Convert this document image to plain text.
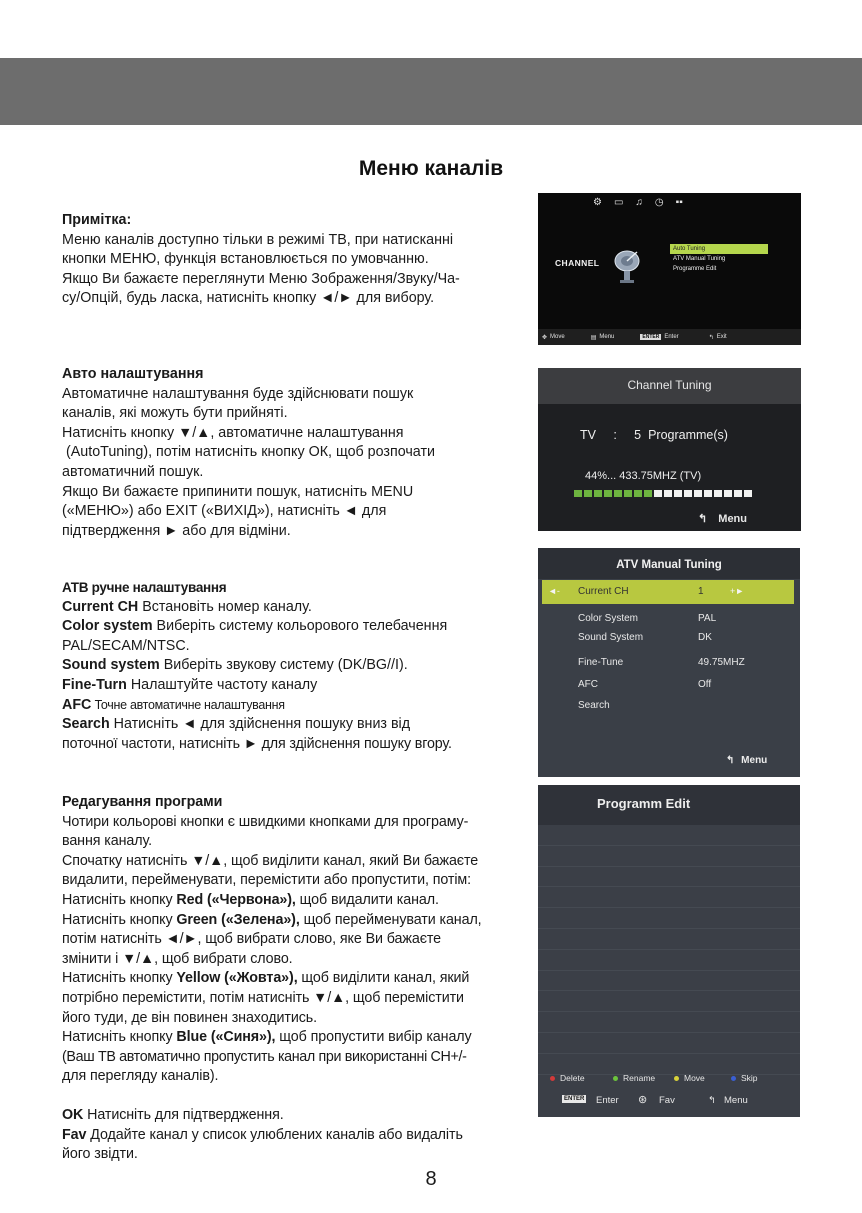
Меню каналів

Примітка:

Меню каналів доступно тільки в режимі ТВ, при натисканні

кнопки МЕНЮ, функція встановлюється по умовчанню.

Якщо Ви бажаєте переглянути Меню Зображення/Звуку/Ча-

су/Опцій, будь ласка, натисніть кнопку ◄/► для вибору.

Авто налаштування

Автоматичне налаштування буде здійснювати пошук

каналів, які можуть бути прийняті.

Натисніть кнопку ▼/▲, автоматичне налаштування

(AutoTuning), потім натисніть кнопку ОК, щоб розпочати

автоматичний пошук.

Якщо Ви бажаєте припинити пошук, натисніть MENU

(«МЕНЮ») або EXIT («ВИХІД»), натисніть ◄ для

підтвердження ► або для відміни.

АТВ ручне налаштування

Current CH Встановіть номер каналу.

Color system Виберіть систему кольорового телебачення

PAL/SECAM/NTSC.

Sound system Виберіть звукову систему (DK/BG//I).

Fine-Turn Налаштуйте частоту каналу

AFC Точне автоматичне налаштування

Search Натисніть ◄ для здійснення пошуку вниз від

поточної частоти, натисніть ► для здійснення пошуку вгору.

Редагування програми

Чотири кольорові кнопки є швидкими кнопками для програму-

вання каналу.

Спочатку натисніть ▼/▲, щоб виділити канал, який Ви бажаєте

видалити, перейменувати, перемістити або пропустити, потім:

Натисніть кнопку Red («Червона»), щоб видалити канал.

Натисніть кнопку Green («Зелена»), щоб перейменувати канал,

потім натисніть ◄/►, щоб вибрати слово, яке Ви бажаєте

змінити і ▼/▲, щоб вибрати слово.

Натисніть кнопку Yellow («Жовта»), щоб виділити канал, який

потрібно перемістити, потім натисніть ▼/▲, щоб перемістити

його туди, де він повинен знаходитись.

Натисніть кнопку Blue («Синя»), щоб пропустити вибір каналу

(Ваш ТВ автоматично пропустить канал при використанні CH+/-

для перегляду каналів).

OK Натисніть для підтвердження.

Fav Додайте канал у список улюблених каналів або видаліть

його звідти.

⚙ ▭ ♫ ◷ ▪▪
CHANNEL
Auto Tuning
ATV Manual Tuning
Programme Edit
✥ Move	▤ Menu	ENTER Enter	↰ Exit
Channel Tuning
TV     :     5  Programme(s)
44%... 433.75MHZ (TV)
↰ Menu
ATV Manual Tuning
◄- Current CH	1	+►
Color System	PAL
Sound System	DK
Fine-Tune	49.75MHZ
AFC	Off
Search
↰ Menu
Programm Edit
Delete	Rename	Move	Skip
ENTER Enter ⊛ Fav	↰ Menu
8
